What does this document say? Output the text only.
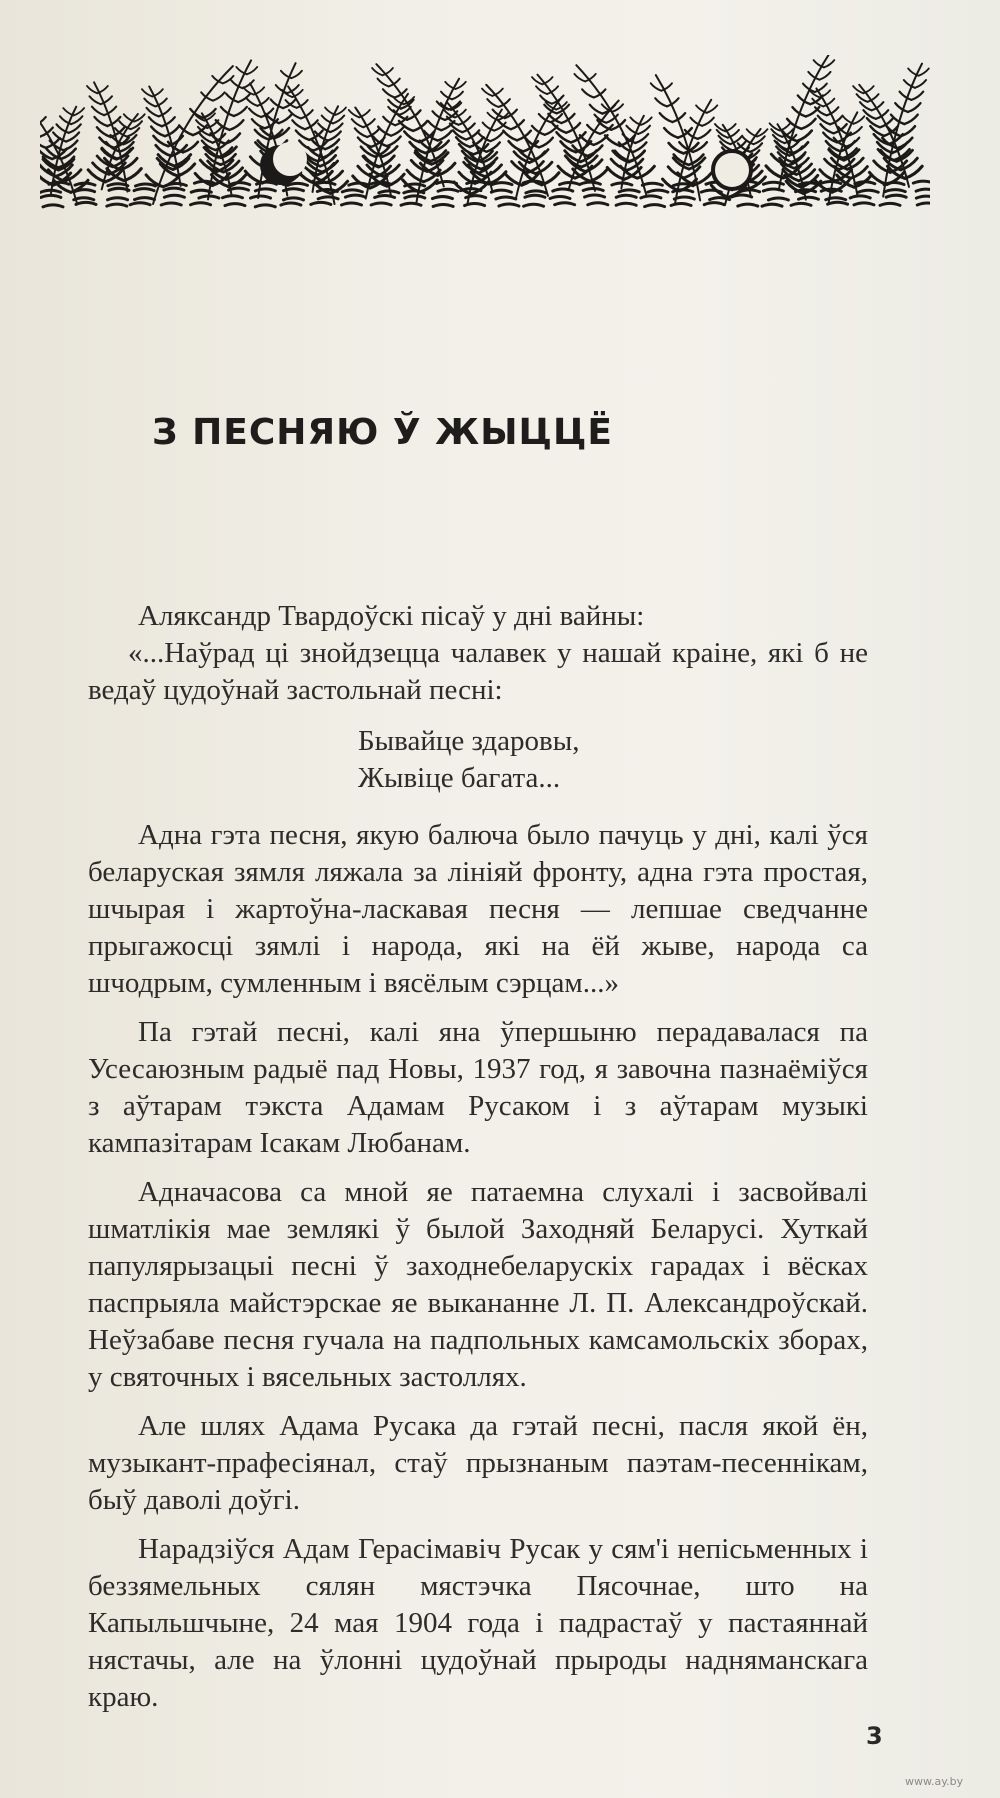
З ПЕСНЯЮ Ў ЖЫЦЦЁ

Аляксандр Твардоўскі пісаў у дні вайны:

«...Наўрад ці знойдзецца чалавек у нашай краіне, які б не ведаў цудоўнай застольнай песні:

Бывайце здаровы,
Жывіце багата...

Адна гэта песня, якую балюча было пачуць у дні, калі ўся беларуская зямля ляжала за лініяй фронту, адна гэта простая, шчырая і жартоўна-ласкавая песня — лепшае сведчанне прыгажосці зямлі і народа, які на ёй жыве, народа са шчодрым, сумленным і вясёлым сэрцам...»

Па гэтай песні, калі яна ўпершыню перадавалася па Усесаюзным радыё пад Новы, 1937 год, я завочна пазнаёміўся з аўтарам тэкста Адамам Русаком і з аўтарам музыкі кампазітарам Ісакам Любанам.

Адначасова са мной яе патаемна слухалі і засвойвалі шматлікія мае землякі ў былой Заходняй Беларусі. Хуткай папулярызацыі песні ў заходнебеларускіх гарадах і вёсках паспрыяла майстэрскае яе выкананне Л. П. Александроўскай. Неўзабаве песня гучала на падпольных камсамольскіх зборах, у святочных і вясельных застоллях.

Але шлях Адама Русака да гэтай песні, пасля якой ён, музыкант-прафесіянал, стаў прызнаным паэтам-песеннікам, быў даволі доўгі.

Нарадзіўся Адам Герасімавіч Русак у сям'і непісьменных і беззямельных сялян мястэчка Пясочнае, што на Капыльшчыне, 24 мая 1904 года і падрастаў у пастаяннай нястачы, але на ўлонні цудоўнай прыроды надняманскага краю.

3
www.ay.by
